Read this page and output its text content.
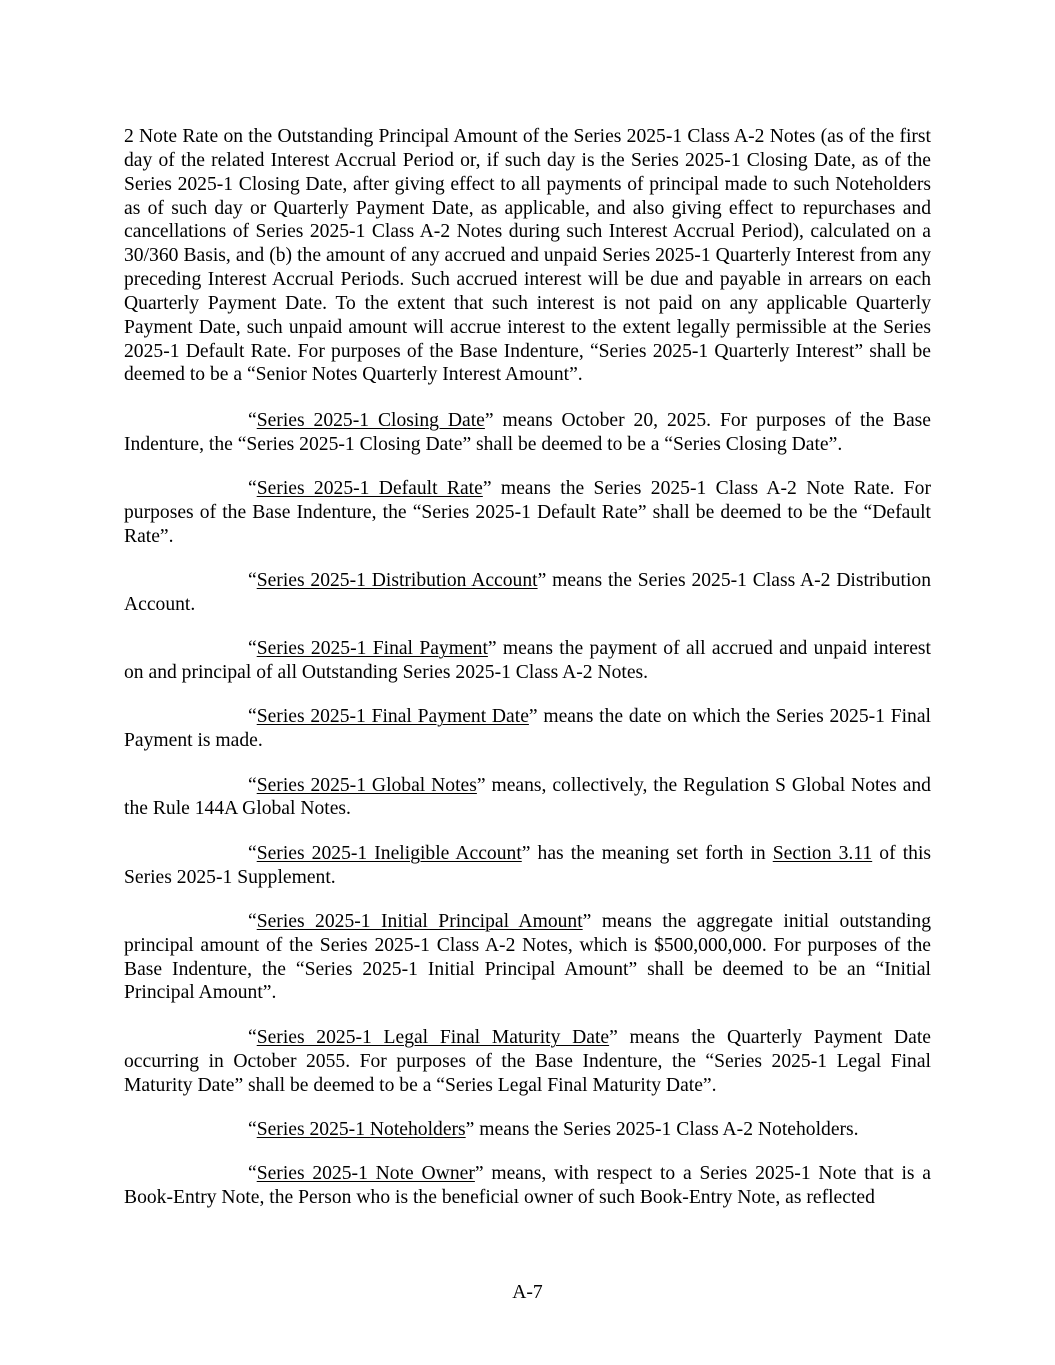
2 Note Rate on the Outstanding Principal Amount of the Series 2025-1 Class A-2 Notes (as of the first day of the related Interest Accrual Period or, if such day is the Series 2025-1 Closing Date, as of the Series 2025-1 Closing Date, after giving effect to all payments of principal made to such Noteholders as of such day or Quarterly Payment Date, as applicable, and also giving effect to repurchases and cancellations of Series 2025-1 Class A-2 Notes during such Interest Accrual Period), calculated on a 30/360 Basis, and (b) the amount of any accrued and unpaid Series 2025-1 Quarterly Interest from any preceding Interest Accrual Periods. Such accrued interest will be due and payable in arrears on each Quarterly Payment Date. To the extent that such interest is not paid on any applicable Quarterly Payment Date, such unpaid amount will accrue interest to the extent legally permissible at the Series 2025-1 Default Rate. For purposes of the Base Indenture, “Series 2025-1 Quarterly Interest” shall be deemed to be a “Senior Notes Quarterly Interest Amount”.

“Series 2025-1 Closing Date” means October 20, 2025. For purposes of the Base Indenture, the “Series 2025-1 Closing Date” shall be deemed to be a “Series Closing Date”.

“Series 2025-1 Default Rate” means the Series 2025-1 Class A-2 Note Rate. For purposes of the Base Indenture, the “Series 2025-1 Default Rate” shall be deemed to be the “Default Rate”.

“Series 2025-1 Distribution Account” means the Series 2025-1 Class A-2 Distribution Account.

“Series 2025-1 Final Payment” means the payment of all accrued and unpaid interest on and principal of all Outstanding Series 2025-1 Class A-2 Notes.

“Series 2025-1 Final Payment Date” means the date on which the Series 2025-1 Final Payment is made.

“Series 2025-1 Global Notes” means, collectively, the Regulation S Global Notes and the Rule 144A Global Notes.

“Series 2025-1 Ineligible Account” has the meaning set forth in Section 3.11 of this Series 2025-1 Supplement.

“Series 2025-1 Initial Principal Amount” means the aggregate initial outstanding principal amount of the Series 2025-1 Class A-2 Notes, which is $500,000,000. For purposes of the Base Indenture, the “Series 2025-1 Initial Principal Amount” shall be deemed to be an “Initial Principal Amount”.

“Series 2025-1 Legal Final Maturity Date” means the Quarterly Payment Date occurring in October 2055. For purposes of the Base Indenture, the “Series 2025-1 Legal Final Maturity Date” shall be deemed to be a “Series Legal Final Maturity Date”.

“Series 2025-1 Noteholders” means the Series 2025-1 Class A-2 Noteholders.

“Series 2025-1 Note Owner” means, with respect to a Series 2025-1 Note that is a Book-Entry Note, the Person who is the beneficial owner of such Book-Entry Note, as reflected

A-7
